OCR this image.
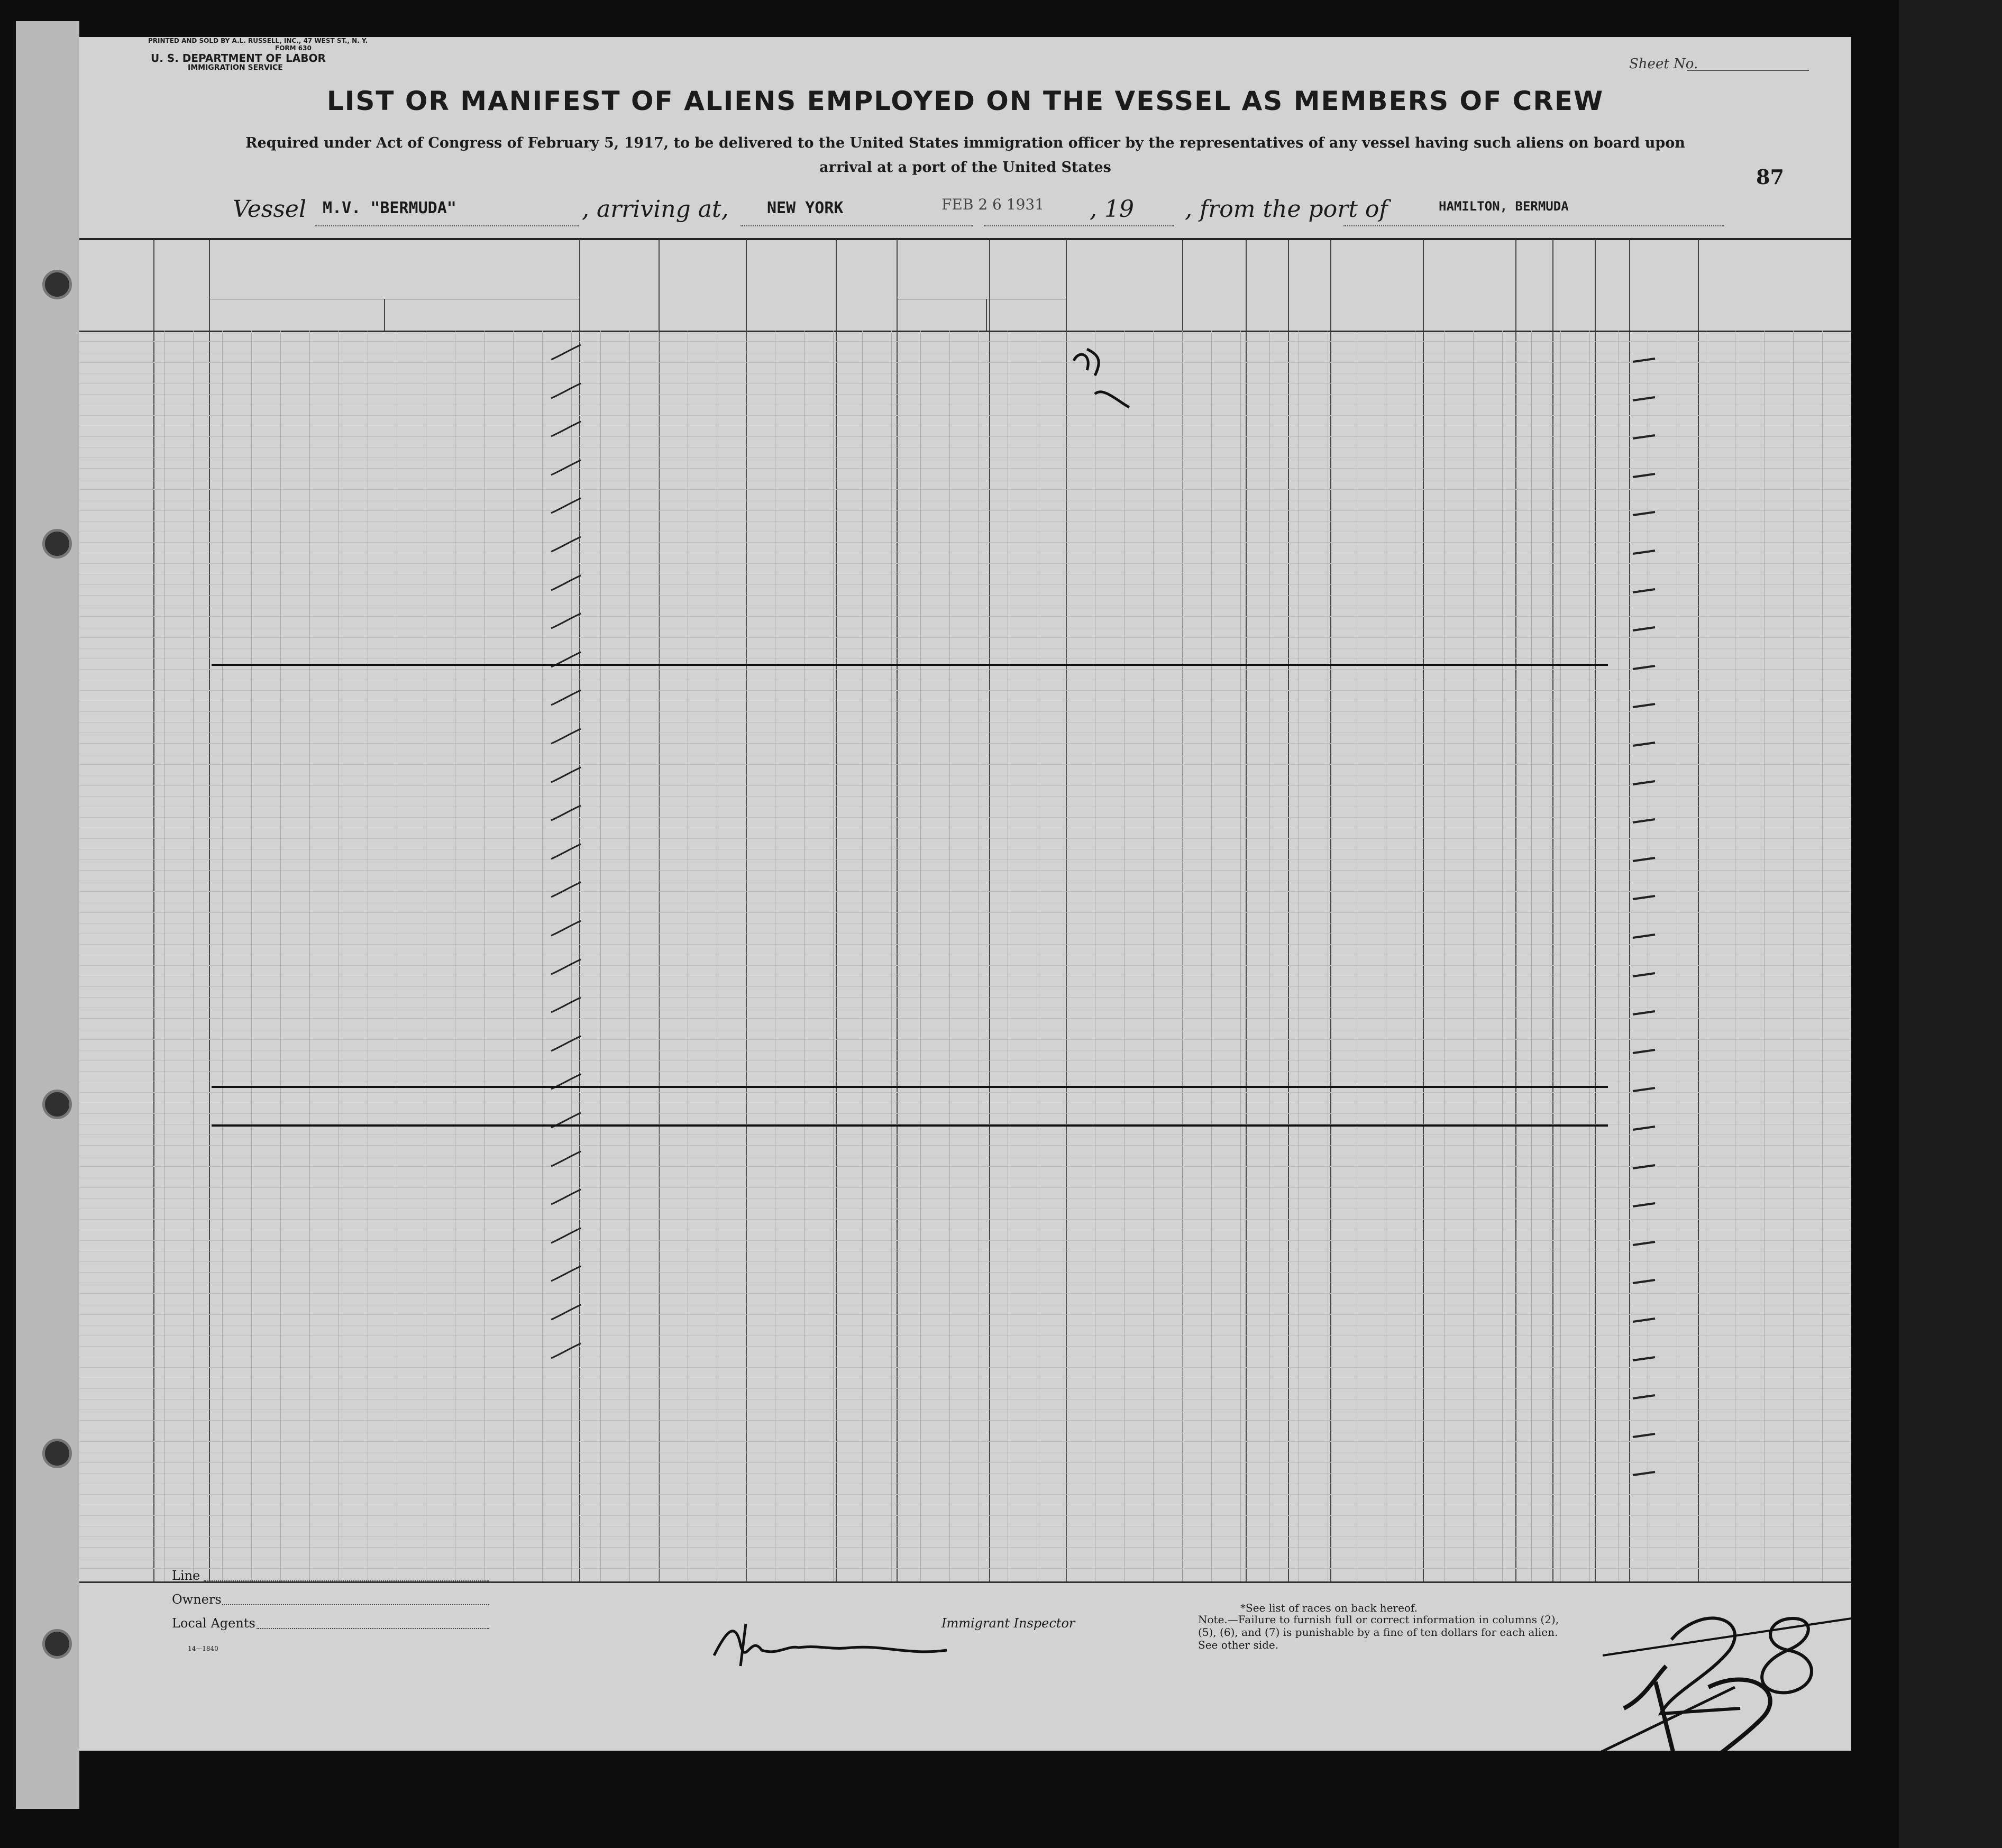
PRINTED AND SOLD BY A.L. RUSSELL, INC., 47 WEST ST., N. Y.
FORM 630
U. S. DEPARTMENT OF LABOR
IMMIGRATION SERVICE	Sheet No.
LIST OR MANIFEST OF ALIENS EMPLOYED ON THE VESSEL AS MEMBERS OF CREW
Required under Act of Congress of February 5, 1917, to be delivered to the United States immigration officer by the representatives of any vessel having such aliens on board upon arrival at a port of the United States	87
Vessel M.V. "BERMUDA"	, arriving at, NEW YORK	FEB 2 6 1931 , 19 , from the port of	HAMILTON, BERMUDA
Line
Owners
Local Agents
14—1840
Immigrant Inspector
*See list of races on back hereof.
Note.—Failure to furnish full or correct information in columns (2), (5), (6), and (7) is punishable by a fine of ten dollars for each alien. See other side.
